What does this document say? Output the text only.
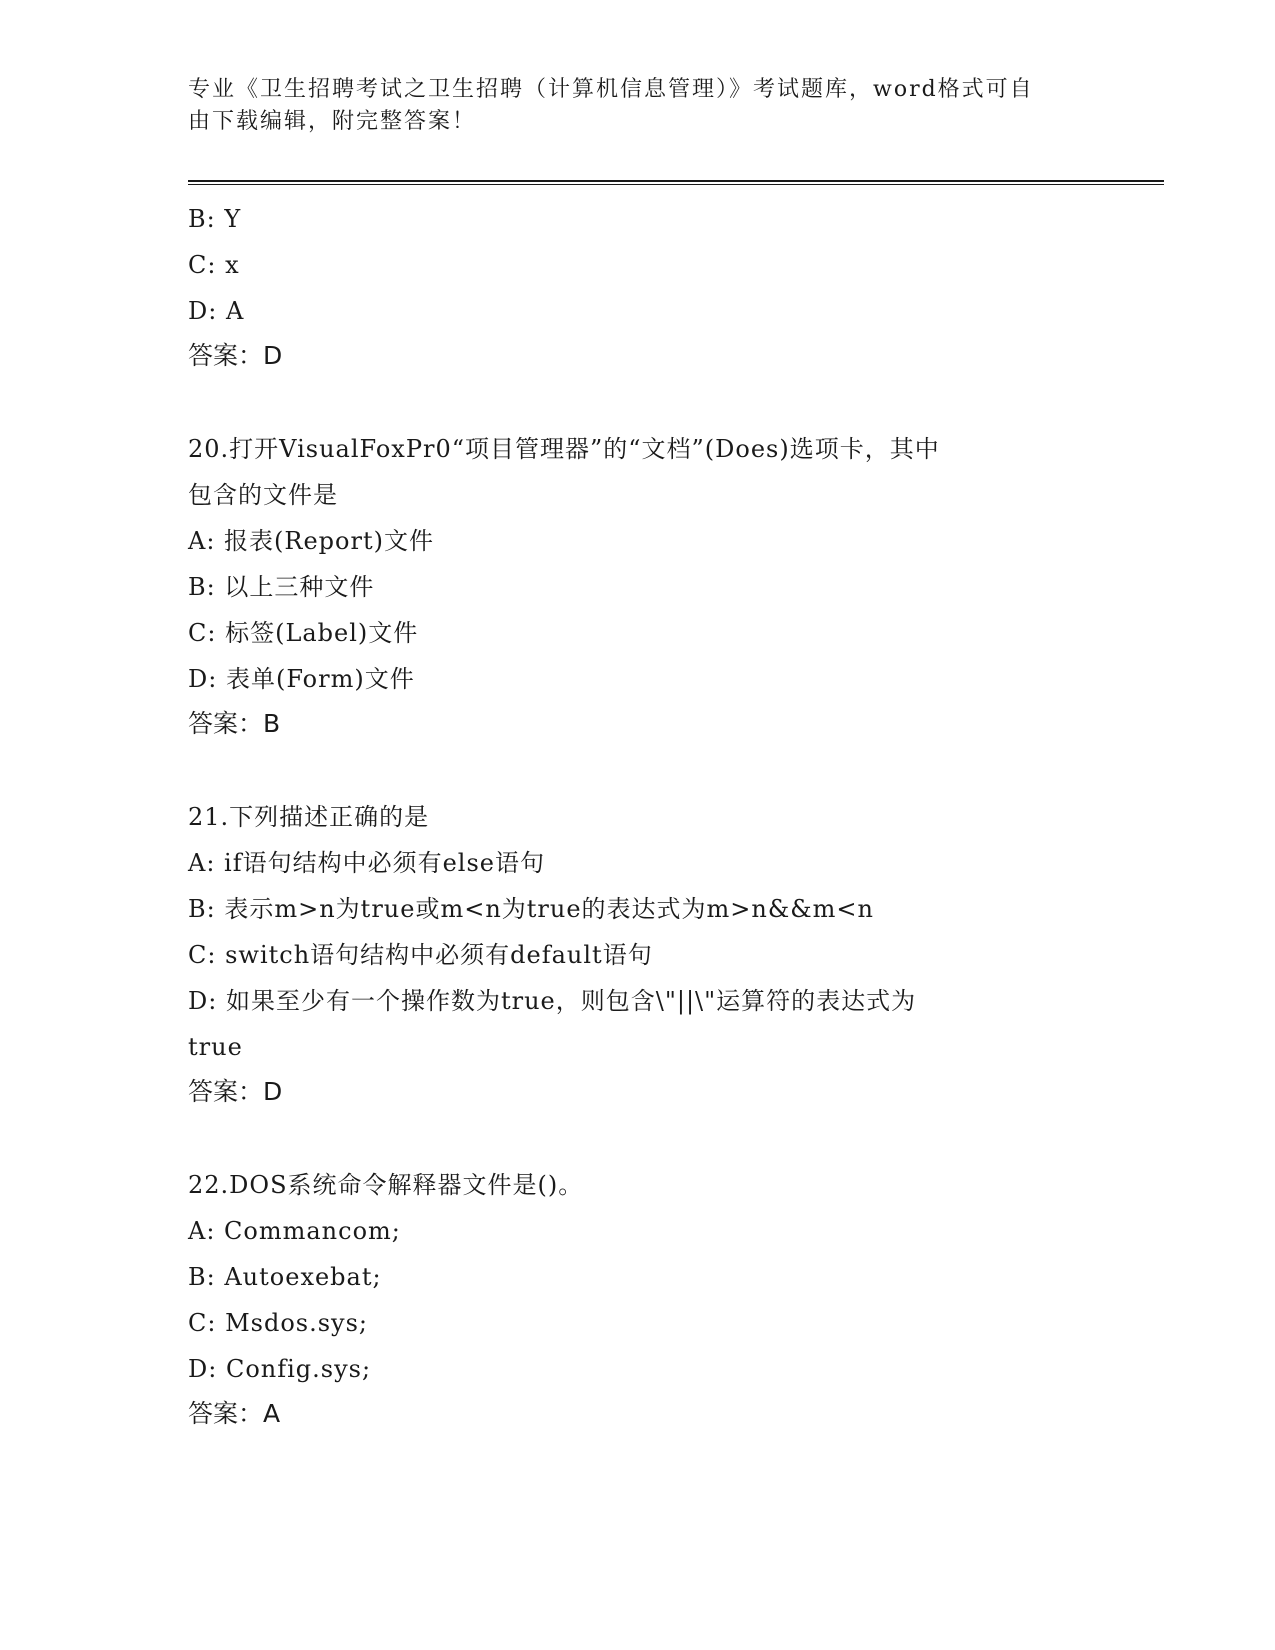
专业《卫生招聘考试之卫生招聘（计算机信息管理）》考试题库，word格式可自
由下载编辑，附完整答案！
B: Y
C: x
D: A
答案：D
20.打开VisualFoxPr0“项目管理器”的“文档”(Does)选项卡，其中
包含的文件是
A: 报表(Report)文件
B: 以上三种文件
C: 标签(Label)文件
D: 表单(Form)文件
答案：B
21.下列描述正确的是
A: if语句结构中必须有else语句
B: 表示m>n为true或m<n为true的表达式为m>n&&m<n
C: switch语句结构中必须有default语句
D: 如果至少有一个操作数为true，则包含\"||\"运算符的表达式为
true
答案：D
22.DOS系统命令解释器文件是()。
A: Commancom;
B: Autoexebat;
C: Msdos.sys;
D: Config.sys;
答案：A
